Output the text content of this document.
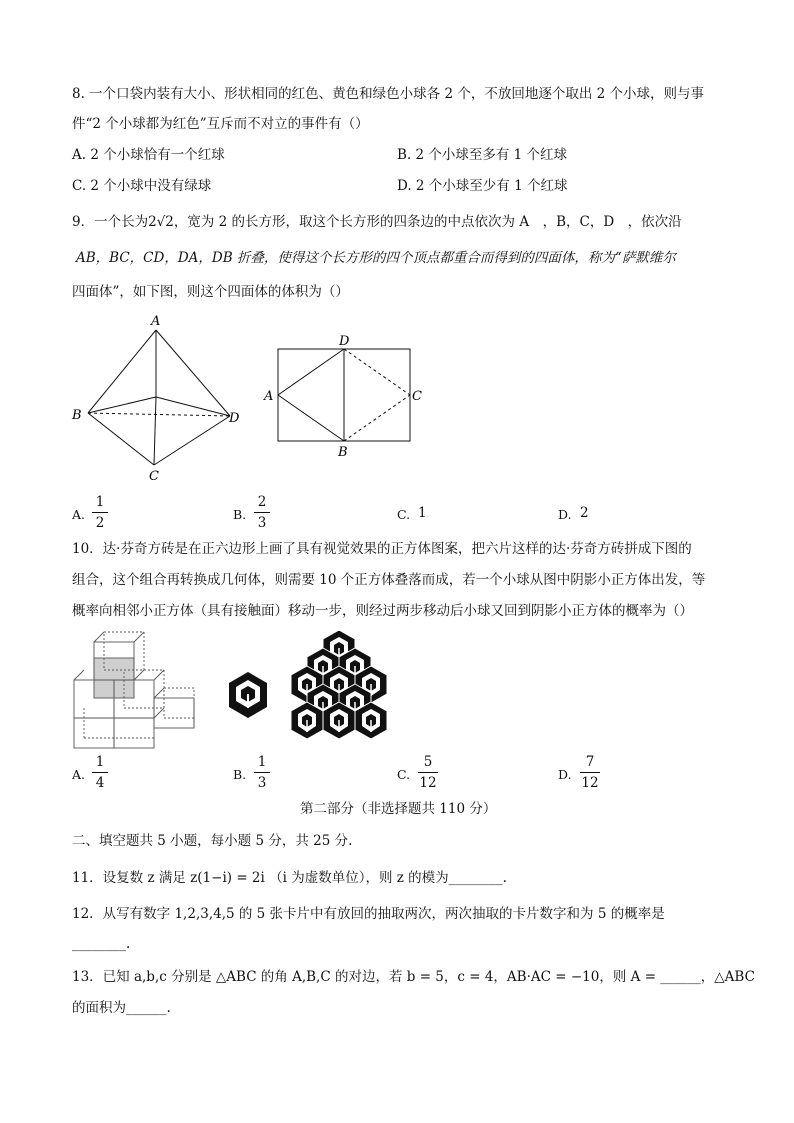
8. 一个口袋内装有大小、形状相同的红色、黄色和绿色小球各 2 个，不放回地逐个取出 2 个小球，则与事
件“2 个小球都为红色”互斥而不对立的事件有（）
A. 2 个小球恰有一个红球	B. 2 个小球至多有 1 个红球
C. 2 个小球中没有绿球	D. 2 个小球至少有 1 个红球
9．一个长为2√2，宽为 2 的长方形，取这个长方形的四条边的中点依次为 A　，B，C，D　，依次沿
AB，BC，CD，DA，DB 折叠，使得这个长方形的四个顶点都重合而得到的四面体，称为“萨默维尔
四面体”，如下图，则这个四面体的体积为（）
A
B	D
C
D
A	C
B
A.
1
2
B.
2
3
C. 1	D. 2
10．达·芬奇方砖是在正六边形上画了具有视觉效果的正方体图案，把六片这样的达·芬奇方砖拼成下图的
组合，这个组合再转换成几何体，则需要 10 个正方体叠落而成，若一个小球从图中阴影小正方体出发，等
概率向相邻小正方体（具有接触面）移动一步，则经过两步移动后小球又回到阴影小正方体的概率为（）
A.
1
4
B.
1
3
C.
5
12
D.
7
12
第二部分（非选择题共 110 分）
二、填空题共 5 小题，每小题 5 分，共 25 分.
11．设复数 z 满足 z(1−i) = 2i （i 为虚数单位），则 z 的模为________.
12．从写有数字 1,2,3,4,5 的 5 张卡片中有放回的抽取两次，两次抽取的卡片数字和为 5 的概率是
________.
13．已知 a,b,c 分别是 △ABC 的角 A,B,C 的对边，若 b = 5，c = 4，AB·AC = −10，则 A = ______，△ABC
的面积为______.
